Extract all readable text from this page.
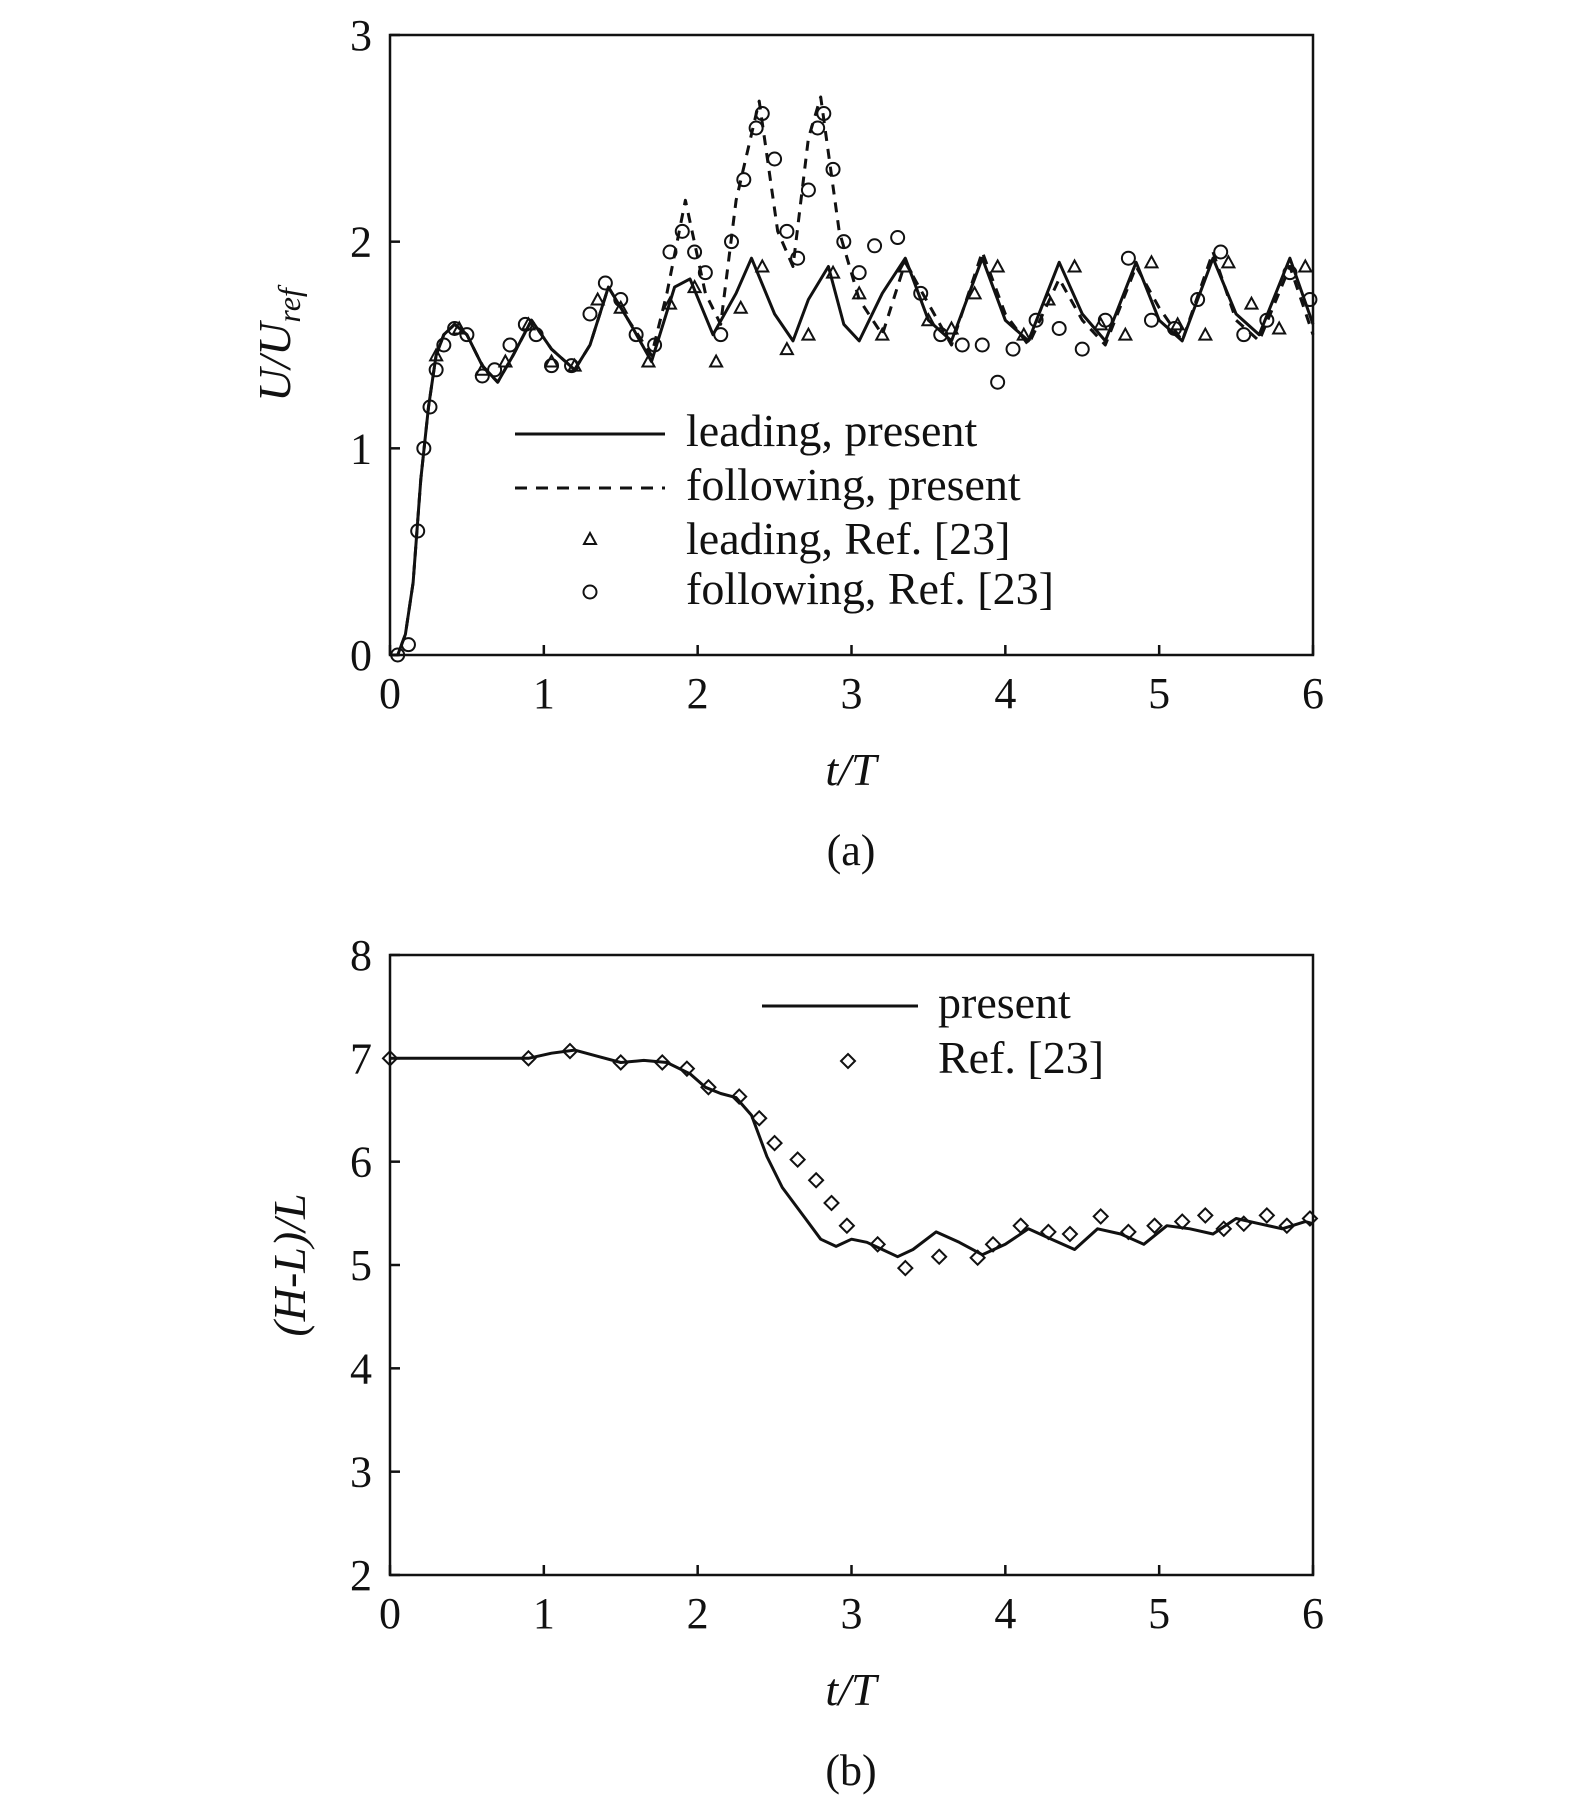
0	1	2	3	4	5	6
0
1
2
3
$U/U_{ref}$
t/T
(a)
leading, present
following, present
leading, Ref. [23]
following, Ref. [23]
0	1	2	3	4	5	6
2
3
4
5
6
7
8
(H-L)/L
t/T
(b)
present
Ref. [23]
